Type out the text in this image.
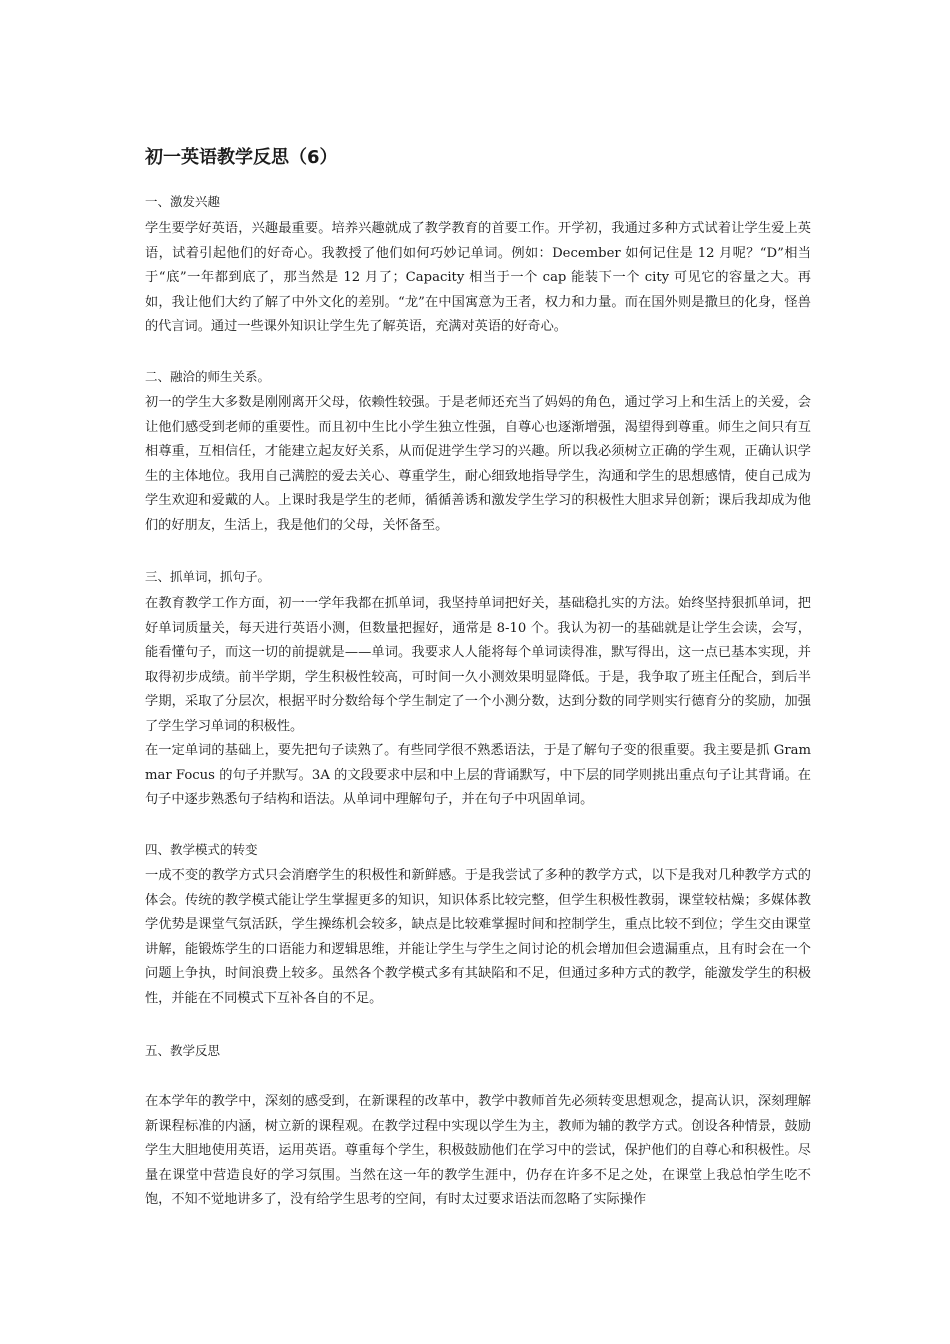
初一英语教学反思（6）
一、激发兴趣
学生要学好英语，兴趣最重要。培养兴趣就成了教学教育的首要工作。开学初，我通过多种方式试着让学生爱上英语，试着引起他们的好奇心。我教授了他们如何巧妙记单词。例如：December 如何记住是 12 月呢？“D”相当于“底”一年都到底了，那当然是 12 月了；Capacity 相当于一个 cap 能装下一个 city 可见它的容量之大。再如，我让他们大约了解了中外文化的差别。“龙”在中国寓意为王者，权力和力量。而在国外则是撒旦的化身，怪兽的代言词。通过一些课外知识让学生先了解英语，充满对英语的好奇心。
二、融洽的师生关系。
初一的学生大多数是刚刚离开父母，依赖性较强。于是老师还充当了妈妈的角色，通过学习上和生活上的关爱，会让他们感受到老师的重要性。而且初中生比小学生独立性强，自尊心也逐渐增强，渴望得到尊重。师生之间只有互相尊重，互相信任，才能建立起友好关系，从而促进学生学习的兴趣。所以我必须树立正确的学生观，正确认识学生的主体地位。我用自己满腔的爱去关心、尊重学生，耐心细致地指导学生，沟通和学生的思想感情，使自己成为学生欢迎和爱戴的人。上课时我是学生的老师，循循善诱和激发学生学习的积极性大胆求异创新；课后我却成为他们的好朋友，生活上，我是他们的父母，关怀备至。
三、抓单词，抓句子。
在教育教学工作方面，初一一学年我都在抓单词，我坚持单词把好关，基础稳扎实的方法。始终坚持狠抓单词，把好单词质量关，每天进行英语小测，但数量把握好，通常是 8-10 个。我认为初一的基础就是让学生会读，会写，能看懂句子，而这一切的前提就是——单词。我要求人人能将每个单词读得准，默写得出，这一点已基本实现，并取得初步成绩。前半学期，学生积极性较高，可时间一久小测效果明显降低。于是，我争取了班主任配合，到后半学期，采取了分层次，根据平时分数给每个学生制定了一个小测分数，达到分数的同学则实行德育分的奖励，加强了学生学习单词的积极性。
在一定单词的基础上，要先把句子读熟了。有些同学很不熟悉语法，于是了解句子变的很重要。我主要是抓 Grammar Focus 的句子并默写。3A 的文段要求中层和中上层的背诵默写，中下层的同学则挑出重点句子让其背诵。在句子中逐步熟悉句子结构和语法。从单词中理解句子，并在句子中巩固单词。
四、教学模式的转变
一成不变的教学方式只会消磨学生的积极性和新鲜感。于是我尝试了多种的教学方式，以下是我对几种教学方式的体会。传统的教学模式能让学生掌握更多的知识，知识体系比较完整，但学生积极性教弱，课堂较枯燥；多媒体教学优势是课堂气氛活跃，学生操练机会较多，缺点是比较难掌握时间和控制学生，重点比较不到位；学生交由课堂讲解，能锻炼学生的口语能力和逻辑思维，并能让学生与学生之间讨论的机会增加但会遗漏重点，且有时会在一个问题上争执，时间浪费上较多。虽然各个教学模式多有其缺陷和不足，但通过多种方式的教学，能激发学生的积极性，并能在不同模式下互补各自的不足。
五、教学反思
在本学年的教学中，深刻的感受到，在新课程的改革中，教学中教师首先必须转变思想观念，提高认识，深刻理解新课程标准的内涵，树立新的课程观。在教学过程中实现以学生为主，教师为辅的教学方式。创设各种情景，鼓励学生大胆地使用英语，运用英语。尊重每个学生，积极鼓励他们在学习中的尝试，保护他们的自尊心和积极性。尽量在课堂中营造良好的学习氛围。当然在这一年的教学生涯中，仍存在许多不足之处，在课堂上我总怕学生吃不饱，不知不觉地讲多了，没有给学生思考的空间，有时太过要求语法而忽略了实际操作
